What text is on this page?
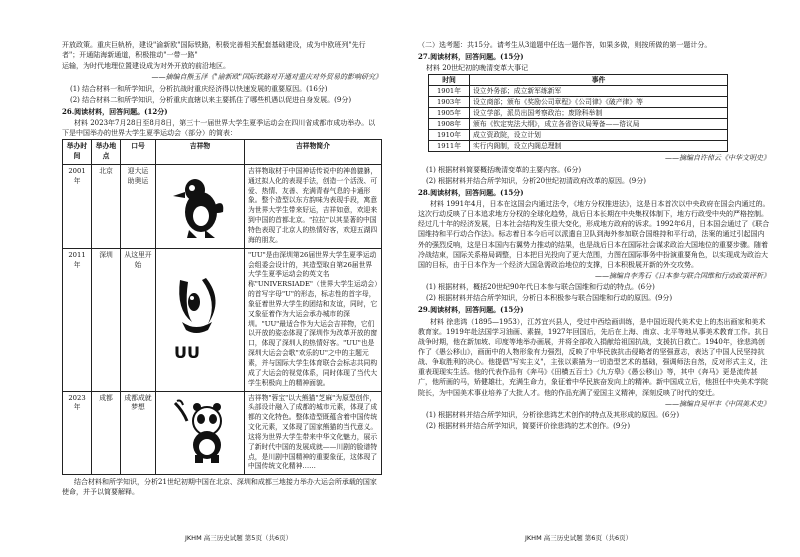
开放政策。重庆巨轨桥，建设"渝新欧"国际铁路，积极完善相关配套基础建设，成为中欧班列"先行者"；开通陆海新通道，积极推动"一带一路"

运输，为时代地理位置建设成为对外开放的前沿地区。

——摘编自熊玉泽《"渝新欧"国际铁路对开通对重庆对外贸易的影响研究》

(1) 结合材料一和所学知识，分析抗战时重庆经济得以快速发展的重要原因。(16分)

(2) 结合材料二和所学知识，分析重庆直辖以来主要抓住了哪些机遇以促进自身发展。(9分)

26.阅读材料，回答问题。(12分)

材料 2023年7月28日至8月8日，第三十一届世界大学生夏季运动会在四川省成都市成功举办。以下是中国举办的世界大学生夏季运动会（部分）的简表：

举办时间	举办地点	口号	吉祥物	吉祥物简介
2001年	北京	迎大运 助奥运		吉祥物取材于中国神话传说中的神兽貔貅，通过拟人化的表现手法，创造一个活泼、可爱、热情、友善、充满青春气息的卡通形象。整个造型以东方韵味为表现手段，寓意为世界大学生带来好运，吉祥如意，欢迎来到中国的首都北京。"拉拉"以其显著的中国特色表现了北京人的热情好客，欢迎五湖四海的朋友。
2011年	深圳	从这里开始	UU	"UU"是由深圳第26届世界大学生夏季运动会组委会设计的，其造型取自第26届世界大学生夏季运动会的英文名称"UNIVERSIADE"（世界大学生运动会）的首写字母"U"的形态，标志性的首字母，象征着世界大学生的团结和友谊，同时，它又象征着作为大运会承办城市的深圳。"UU"最适合作为大运会吉祥物，它们以开放的姿态体现了深圳作为改革开放的窗口，体现了深圳人的热情好客。"UU"也是深圳大运会会歌"欢乐的U"之中的主题元素，并与国际大学生体育联合会标志共同构成了大运会的视觉体系，同时体现了当代大学生积极向上的精神面貌。
2023年	成都	成都成就梦想		吉祥物"蓉宝"以大熊猫"芝麻"为原型创作，头部设计融入了成都的城市元素，体现了成都的文化特色。整体造型既蕴含着中国传统文化元素，又体现了国家熊猫的当代意义。这将为世界大学生带来中华文化魅力，展示了新时代中国的发展成就——川剧的脸谱特点，是川剧中国精神的重要象征，这体现了中国传统文化精神……

结合材料和所学知识，分析21世纪初期中国在北京、深圳和成都三地接力举办大运会所承载的国家使命，并予以简要解释。

JKHM 高三历史试题 第5页（共6页）

（二）选考题：共15分。请考生从3道题中任选一题作答，如果多做，则按所做的第一题计分。

27.阅读材料，回答问题。(15分)

材料 20世纪初的晚清变革大事记

时间	事件
1901年	设立外务部；成立新军练新军
1903年	设立商部；颁布《奖励公司章程》《公司律》《破产律》等
1905年	设立学部，派员出国考察政治；废除科举制
1908年	颁布《钦定宪法大纲》，成立各省咨议局筹备——谘议局
1910年	成立资政院，设立计划
1911年	实行内阁制，设立内阁总理制

——摘编自许倬云《中华文明史》

(1) 根据材料简要概括晚清变革的主要内容。(6分)

(2) 根据材料并结合所学知识，分析20世纪初清政府改革的原因。(9分)

28.阅读材料，回答问题。(15分)

材料 1991年4月，日本在这国会内通过法令，《地方分权推进法》，这是日本首次以中央政府在国会内通过的。这次行动反映了日本追求地方分权的全球化趋势，战后日本长期在中央集权体制下，地方行政受中央的严格控制。经过几十年的经济发展，日本社会结构发生很大变化，形成地方政府的诉求。1992年6月，日本国会通过了《联合国维持和平行动合作法》。标志着日本今后可以派遣自卫队到海外参加联合国维持和平行动，法案的通过引起国内外的强烈反响，这是日本国内右翼势力推动的结果，也是战后日本在国际社会谋求政治大国地位的重要步骤。随着冷战结束，国际关系格局调整，日本把目光投向了更大范围，力图在国际事务中扮演重要角色，以实现成为政治大国的目标，由于日本作为一个经济大国急需政治地位的支撑，日本积极展开新的外交攻势。

——摘编自李秀石《日本参与联合国维和行动政策评析》

(1) 根据材料，概括20世纪90年代日本参与联合国维和行动的特点。(6分)

(2) 根据材料并结合所学知识，分析日本积极参与联合国维和行动的原因。(9分)

29.阅读材料，回答问题。(15分)

材料 徐悲鸿（1895—1953），江苏宜兴县人，受过中西绘画训练，是中国近现代美术史上的杰出画家和美术教育家。1919年赴法国学习油画、素描，1927年回国后，先后在上海、南京、北平等地从事美术教育工作。抗日战争时期，他在新加坡、印度等地举办画展，并将全部收入捐献给祖国抗战，支援抗日救亡。1940年，徐悲鸿创作了《愚公移山》，画面中的人物形象有力强烈，反映了中华民族抗击侵略者的坚强意志，表达了中国人民坚持抗战、争取胜利的决心。他提倡"写实主义"，主张以素描为一切造型艺术的基础，强调师法自然，反对形式主义，注重表现现实生活。他的代表作品有《奔马》《田横五百士》《九方皋》《愚公移山》等，其中《奔马》更是流传甚广，他所画的马，矫健雄壮，充满生命力，象征着中华民族奋发向上的精神。新中国成立后，他担任中央美术学院院长，为中国美术事业培养了大批人才。他的作品充满了爱国主义精神，深刻反映了时代的变迁。

——摘编自吴甲丰《中国美术史》

(1) 根据材料并结合所学知识，分析徐悲鸿艺术创作的特点及其形成的原因。(6分)

(2) 根据材料并结合所学知识，简要评价徐悲鸿的艺术创作。(9分)

JKHM 高三历史试题 第6页（共6页）
